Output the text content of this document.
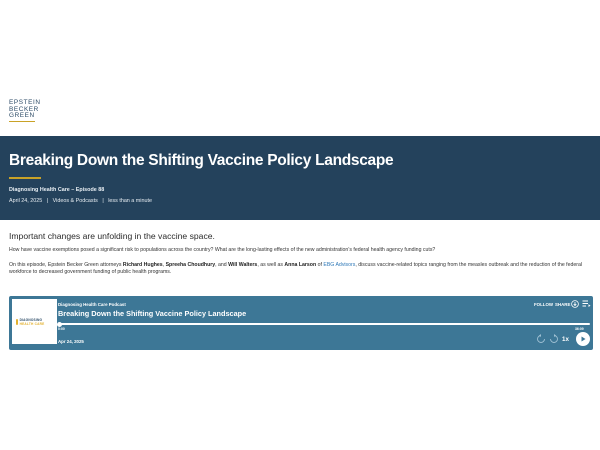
EPSTEIN
BECKER
GREEN
Breaking Down the Shifting Vaccine Policy Landscape
Diagnosing Health Care – Episode 88
April 24, 2025 | Videos & Podcasts | less than a minute

Important changes are unfolding in the vaccine space.

How have vaccine exemptions posed a significant risk to populations across the country? What are the long-lasting effects of the new administration’s federal health agency funding cuts?

On this episode, Epstein Becker Green attorneys Richard Hughes, Spreeha Choudhury, and Will Walters, as well as Anna Larson of EBG Advisors, discuss vaccine-related topics ranging from the measles outbreak and the reduction of the federal workforce to decreased government funding of public health programs.

DIAGNOSING HEALTH CARE
Diagnosing Health Care Podcast
Breaking Down the Shifting Vaccine Policy Landscape
FOLLOW SHARE
0:00	36:09
Apr 24, 2025	1x
